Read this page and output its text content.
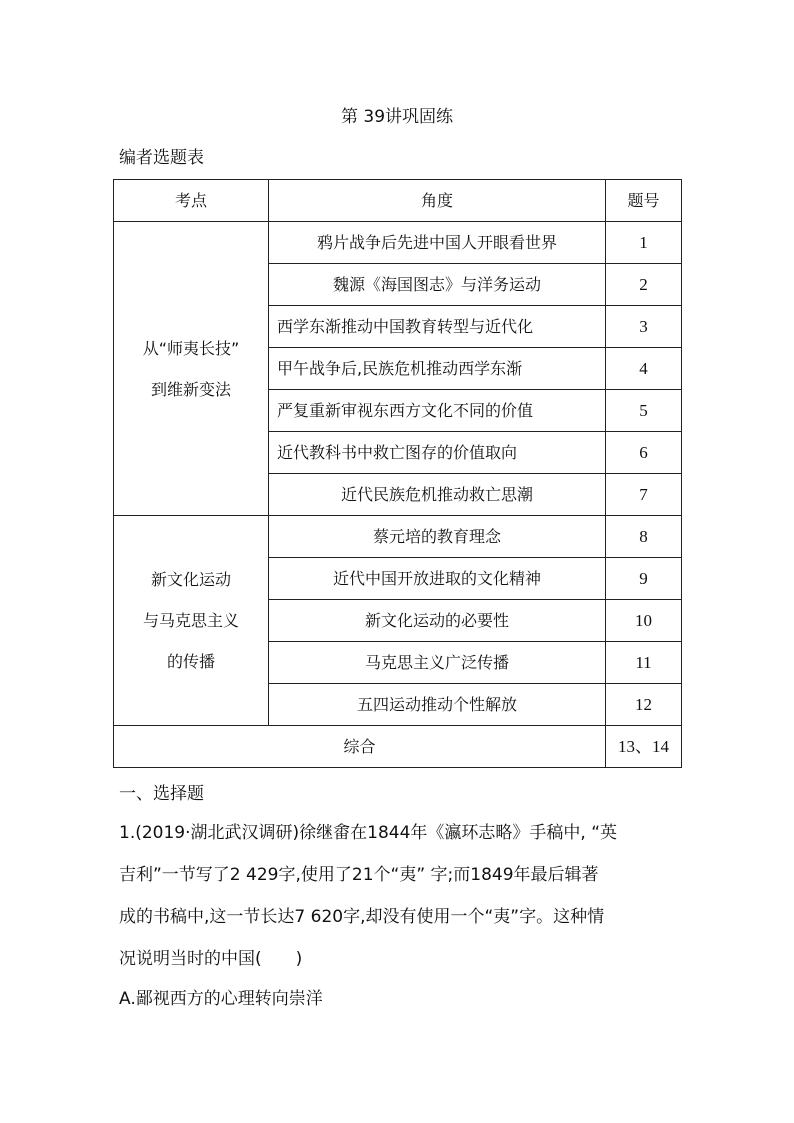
第 39讲巩固练
编者选题表
考点	角度	题号

从“师夷长技”
到维新变法	鸦片战争后先进中国人开眼看世界	1
	魏源《海国图志》与洋务运动	2
	西学东渐推动中国教育转型与近代化	3
	甲午战争后,民族危机推动西学东渐	4
	严复重新审视东西方文化不同的价值	5
	近代教科书中救亡图存的价值取向	6
	近代民族危机推动救亡思潮	7

新文化运动
与马克思主义
的传播	蔡元培的教育理念	8
	近代中国开放进取的文化精神	9
	新文化运动的必要性	10
	马克思主义广泛传播	11
	五四运动推动个性解放	12
综合		13、14
一、选择题

1.(2019·湖北武汉调研)徐继畬在1844年《瀛环志略》手稿中, “英

吉利”一节写了2 429字,使用了21个“夷” 字;而1849年最后辑著

成的书稿中,这一节长达7 620字,却没有使用一个“夷”字。这种情

况说明当时的中国(　　)

A.鄙视西方的心理转向崇洋
